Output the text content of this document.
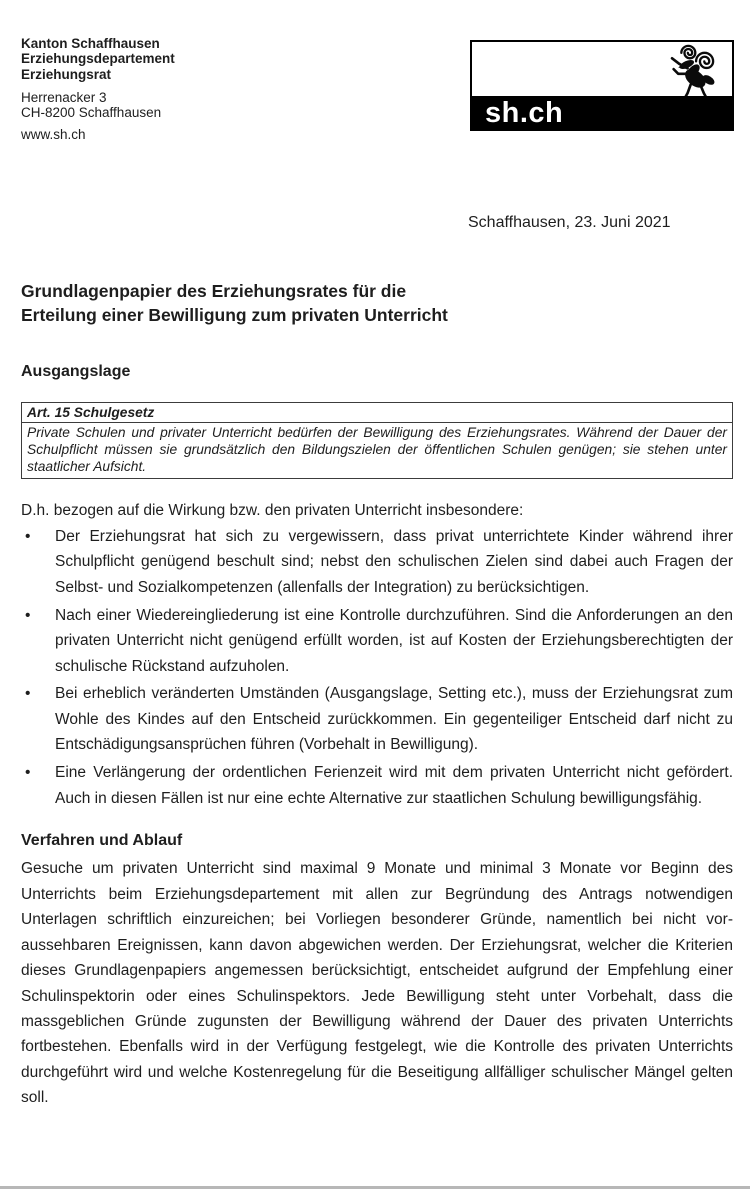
Kanton Schaffhausen
Erziehungsdepartement
Erziehungsrat
Herrenacker 3
CH-8200 Schaffhausen
www.sh.ch
sh.ch
Schaffhausen, 23. Juni 2021
Grundlagenpapier des Erziehungsrates für die
Erteilung einer Bewilligung zum privaten Unterricht
Ausgangslage
Art. 15 Schulgesetz
Private Schulen und privater Unterricht bedürfen der Bewilligung des Erziehungsrates. Während der Dauer der Schulpflicht müssen sie grundsätzlich den Bildungszielen der öffentlichen Schulen genügen; sie stehen unter staatlicher Aufsicht.

D.h. bezogen auf die Wirkung bzw. den privaten Unterricht insbesondere:

• Der Erziehungsrat hat sich zu vergewissern, dass privat unterrichtete Kinder während ihrer Schulpflicht genügend beschult sind; nebst den schulischen Zielen sind dabei auch Fragen der Selbst- und Sozialkompetenzen (allenfalls der Integration) zu berücksichtigen.
• Nach einer Wiedereingliederung ist eine Kontrolle durchzuführen. Sind die Anforderungen an den privaten Unterricht nicht genügend erfüllt worden, ist auf Kosten der Erziehungsberechtigten der schulische Rückstand aufzuholen.
• Bei erheblich veränderten Umständen (Ausgangslage, Setting etc.), muss der Erziehungsrat zum Wohle des Kindes auf den Entscheid zurückkommen. Ein gegenteiliger Entscheid darf nicht zu Entschädigungsansprüchen führen (Vorbehalt in Bewilligung).
• Eine Verlängerung der ordentlichen Ferienzeit wird mit dem privaten Unterricht nicht gefördert. Auch in diesen Fällen ist nur eine echte Alternative zur staatlichen Schulung bewilligungsfähig.
Verfahren und Ablauf

Gesuche um privaten Unterricht sind maximal 9 Monate und minimal 3 Monate vor Beginn des Unterrichts beim Erziehungsdepartement mit allen zur Begründung des Antrags notwendigen Unterlagen schriftlich einzureichen; bei Vorliegen besonderer Gründe, namentlich bei nicht voraussehbaren Ereignissen, kann davon abgewichen werden. Der Erziehungsrat, welcher die Kriterien dieses Grundlagenpapiers angemessen berücksichtigt, entscheidet aufgrund der Empfehlung einer Schulinspektorin oder eines Schulinspektors. Jede Bewilligung steht unter Vorbehalt, dass die massgeblichen Gründe zugunsten der Bewilligung während der Dauer des privaten Unterrichts fortbestehen. Ebenfalls wird in der Verfügung festgelegt, wie die Kontrolle des privaten Unterrichts durchgeführt wird und welche Kostenregelung für die Beseitigung allfälliger schulischer Mängel gelten soll.
